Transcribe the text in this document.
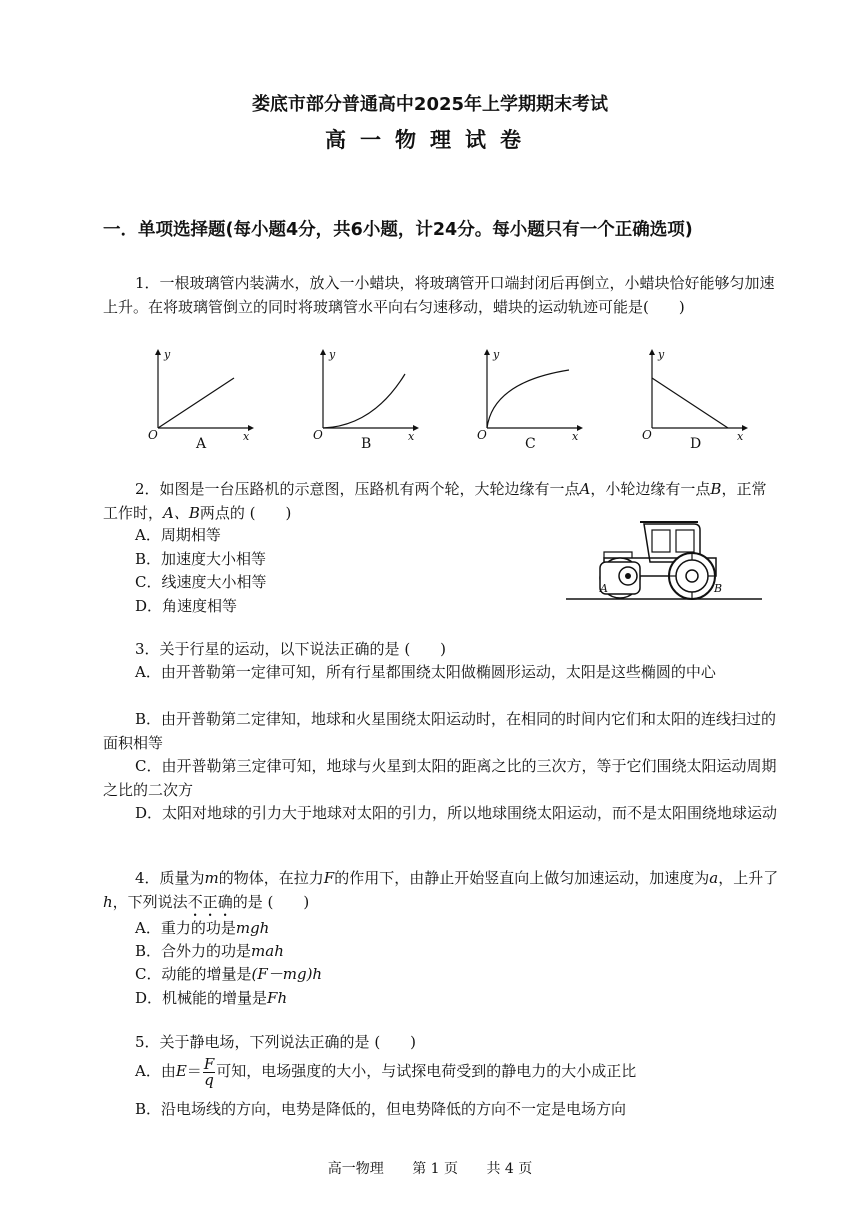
娄底市部分普通高中2025年上学期期末考试
高一物理试卷
一．单项选择题(每小题4分，共6小题，计24分。每小题只有一个正确选项)
1．一根玻璃管内装满水，放入一小蜡块，将玻璃管开口端封闭后再倒立，小蜡块恰好能够匀加速上升。在将玻璃管倒立的同时将玻璃管水平向右匀速移动，蜡块的运动轨迹可能是(　　)
y
O	x
A
y
O	x
B
y
O	x
C
y
O	x
D
2．如图是一台压路机的示意图，压路机有两个轮，大轮边缘有一点A，小轮边缘有一点B，正常工作时，A、B两点的 (　　)
A．周期相等
B．加速度大小相等
C．线速度大小相等
D．角速度相等
A	B
3．关于行星的运动，以下说法正确的是 (　　)
A．由开普勒第一定律可知，所有行星都围绕太阳做椭圆形运动，太阳是这些椭圆的中心
B．由开普勒第二定律知，地球和火星围绕太阳运动时，在相同的时间内它们和太阳的连线扫过的面积相等
C．由开普勒第三定律可知，地球与火星到太阳的距离之比的三次方，等于它们围绕太阳运动周期之比的二次方
D．太阳对地球的引力大于地球对太阳的引力，所以地球围绕太阳运动，而不是太阳围绕地球运动
4．质量为m的物体，在拉力F的作用下，由静止开始竖直向上做匀加速运动，加速度为a，上升了h，下列说法不正确的是 (　　)
A．重力的功是mgh
B．合外力的功是mah
C．动能的增量是(F－mg)h
D．机械能的增量是Fh
5．关于静电场，下列说法正确的是 (　　)
A．由$E= \frac{F}{q}$ 可知，电场强度的大小，与试探电荷受到的静电力的大小成正比
B．沿电场线的方向，电势是降低的，但电势降低的方向不一定是电场方向
高一物理 第 1 页 共 4 页
